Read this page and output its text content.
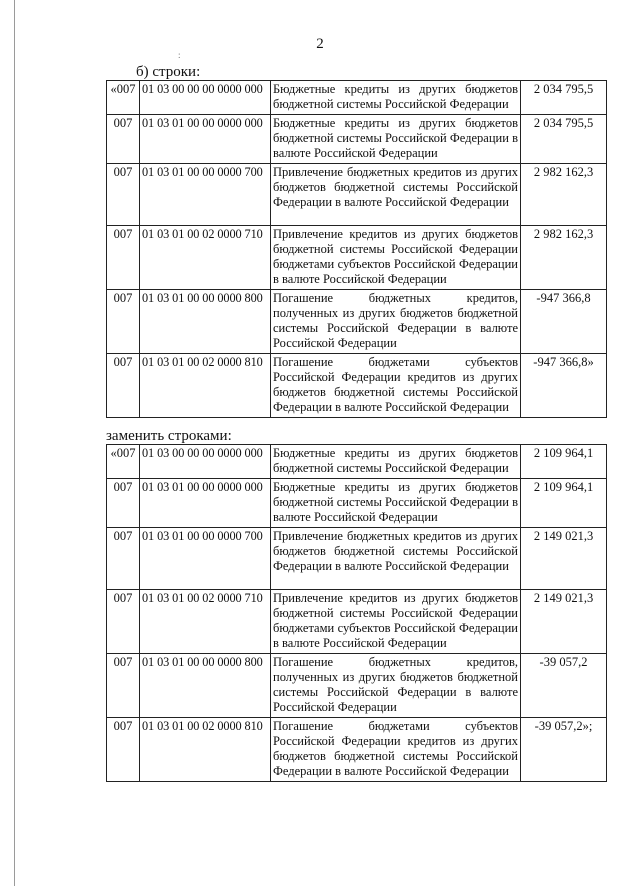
:
2
б) строки:
«007	01 03 00 00 00 0000 000	Бюджетные кредиты из других бюджетов бюджетной системы Российской Федерации	2 034 795,5
007	01 03 01 00 00 0000 000	Бюджетные кредиты из других бюджетов бюджетной системы Российской Федерации в валюте Российской Федерации	2 034 795,5
007	01 03 01 00 00 0000 700	Привлечение бюджетных кредитов из других бюджетов бюджетной системы Российской Федерации в валюте Российской Федерации	2 982 162,3
007	01 03 01 00 02 0000 710	Привлечение кредитов из других бюджетов бюджетной системы Российской Федерации бюджетами субъектов Российской Федерации в валюте Российской Федерации	2 982 162,3
007	01 03 01 00 00 0000 800	Погашение бюджетных кредитов, полученных из других бюджетов бюджетной системы Российской Федерации в валюте Российской Федерации	-947 366,8
007	01 03 01 00 02 0000 810	Погашение бюджетами субъектов Российской Федерации кредитов из других бюджетов бюджетной системы Российской Федерации в валюте Российской Федерации	-947 366,8»
заменить строками:
«007	01 03 00 00 00 0000 000	Бюджетные кредиты из других бюджетов бюджетной системы Российской Федерации	2 109 964,1
007	01 03 01 00 00 0000 000	Бюджетные кредиты из других бюджетов бюджетной системы Российской Федерации в валюте Российской Федерации	2 109 964,1
007	01 03 01 00 00 0000 700	Привлечение бюджетных кредитов из других бюджетов бюджетной системы Российской Федерации в валюте Российской Федерации	2 149 021,3
007	01 03 01 00 02 0000 710	Привлечение кредитов из других бюджетов бюджетной системы Российской Федерации бюджетами субъектов Российской Федерации в валюте Российской Федерации	2 149 021,3
007	01 03 01 00 00 0000 800	Погашение бюджетных кредитов, полученных из других бюджетов бюджетной системы Российской Федерации в валюте Российской Федерации	-39 057,2
007	01 03 01 00 02 0000 810	Погашение бюджетами субъектов Российской Федерации кредитов из других бюджетов бюджетной системы Российской Федерации в валюте Российской Федерации	-39 057,2»;
